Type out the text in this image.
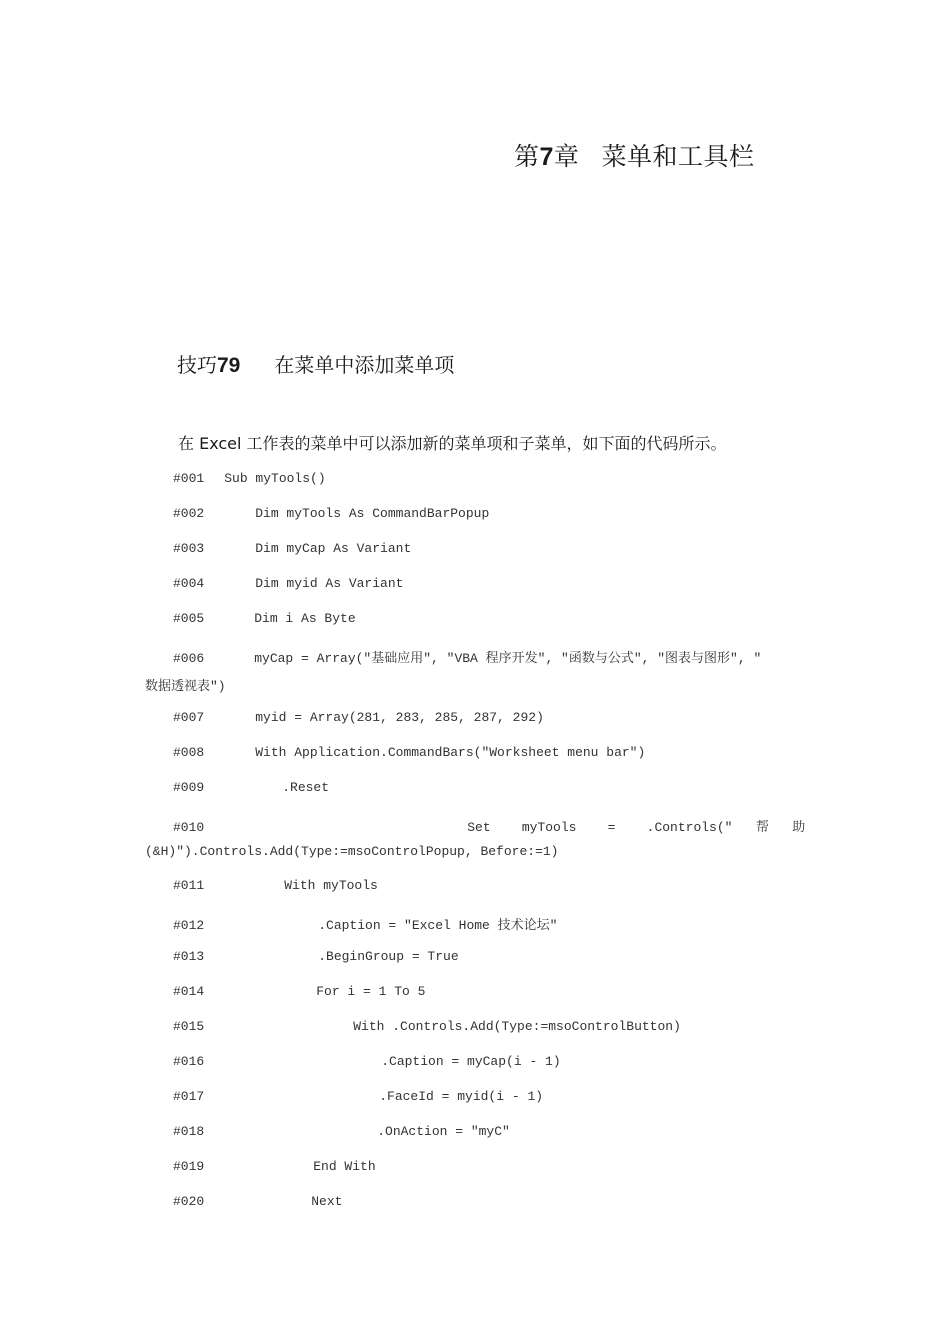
第7章 菜单和工具栏
技巧79 在菜单中添加菜单项
在 Excel 工作表的菜单中可以添加新的菜单项和子菜单，如下面的代码所示。
#001 Sub myTools()
#002	Dim myTools As CommandBarPopup
#003	Dim myCap As Variant
#004	Dim myid As Variant
#005	Dim i As Byte
#006	myCap = Array("基础应用", "VBA 程序开发", "函数与公式", "图表与图形", "
数据透视表")
#007	myid = Array(281, 283, 285, 287, 292)
#008	With Application.CommandBars("Worksheet menu bar")
#009	.Reset
#010	Set    myTools    =    .Controls("   帮   助
(&H)").Controls.Add(Type:=msoControlPopup, Before:=1)
#011	With myTools
#012	.Caption = "Excel Home 技术论坛"
#013	.BeginGroup = True
#014	For i = 1 To 5
#015	With .Controls.Add(Type:=msoControlButton)
#016	.Caption = myCap(i - 1)
#017	.FaceId = myid(i - 1)
#018	.OnAction = "myC"
#019	End With
#020	Next
